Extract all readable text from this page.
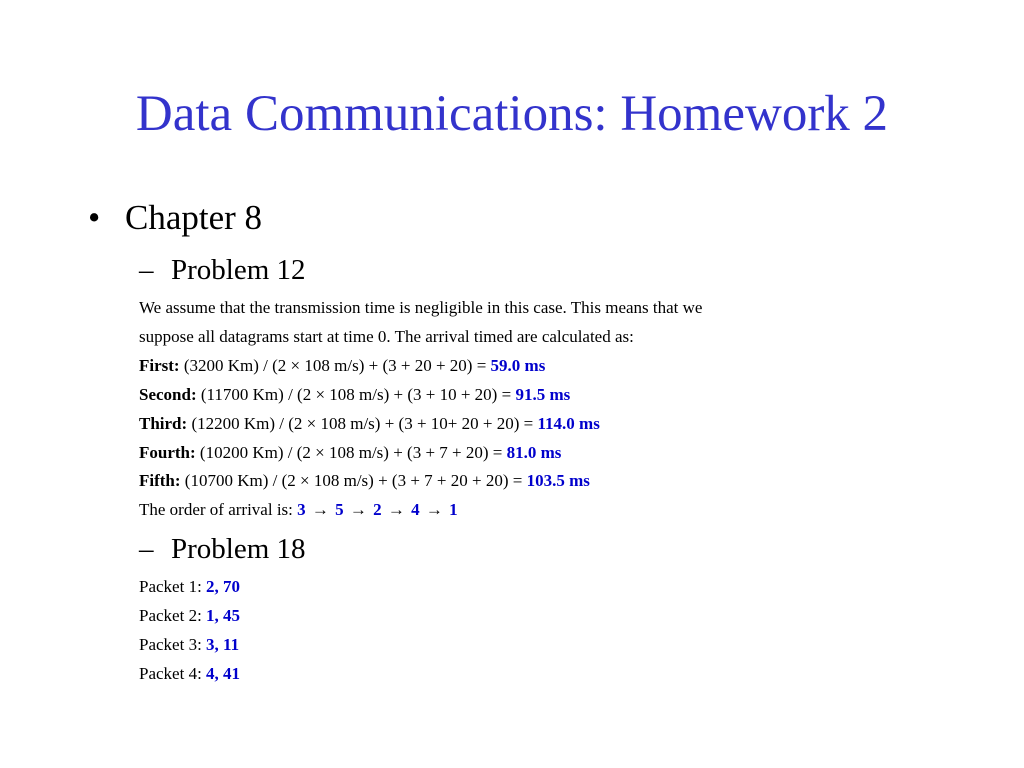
Data Communications: Homework 2
• Chapter 8
– Problem 12
We assume that the transmission time is negligible in this case. This means that we
suppose all datagrams start at time 0. The arrival timed are calculated as:
First: (3200 Km) / (2 × 108 m/s) + (3 + 20 + 20) = 59.0 ms
Second: (11700 Km) / (2 × 108 m/s) + (3 + 10 + 20) = 91.5 ms
Third: (12200 Km) / (2 × 108 m/s) + (3 + 10+ 20 + 20) = 114.0 ms
Fourth: (10200 Km) / (2 × 108 m/s) + (3 + 7 + 20) = 81.0 ms
Fifth: (10700 Km) / (2 × 108 m/s) + (3 + 7 + 20 + 20) = 103.5 ms
The order of arrival is: 3 → 5 → 2 → 4 → 1
– Problem 18
Packet 1: 2, 70
Packet 2: 1, 45
Packet 3: 3, 11
Packet 4: 4, 41
